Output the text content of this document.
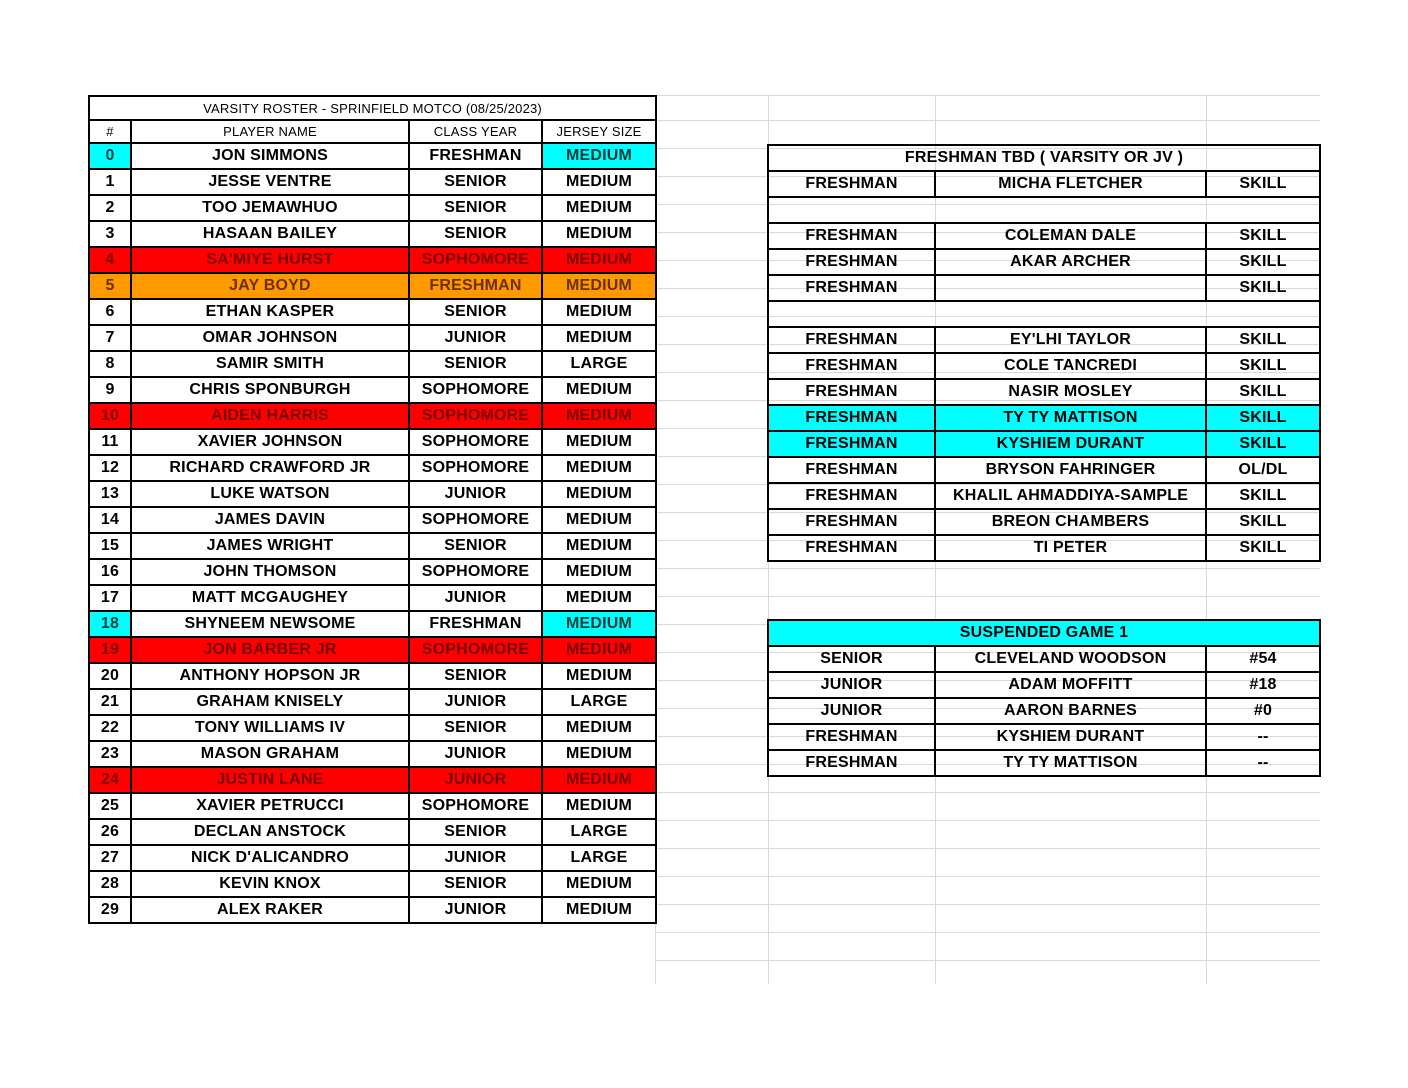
VARSITY ROSTER - SPRINFIELD MOTCO (08/25/2023)			
#	PLAYER NAME	CLASS YEAR	JERSEY SIZE
0	JON SIMMONS	FRESHMAN	MEDIUM
1	JESSE VENTRE	SENIOR	MEDIUM
2	TOO JEMAWHUO	SENIOR	MEDIUM
3	HASAAN BAILEY	SENIOR	MEDIUM
4	SA'MIYE HURST	SOPHOMORE	MEDIUM
5	JAY BOYD	FRESHMAN	MEDIUM
6	ETHAN KASPER	SENIOR	MEDIUM
7	OMAR JOHNSON	JUNIOR	MEDIUM
8	SAMIR SMITH	SENIOR	LARGE
9	CHRIS SPONBURGH	SOPHOMORE	MEDIUM
10	AIDEN HARRIS	SOPHOMORE	MEDIUM
11	XAVIER JOHNSON	SOPHOMORE	MEDIUM
12	RICHARD CRAWFORD JR	SOPHOMORE	MEDIUM
13	LUKE WATSON	JUNIOR	MEDIUM
14	JAMES DAVIN	SOPHOMORE	MEDIUM
15	JAMES WRIGHT	SENIOR	MEDIUM
16	JOHN THOMSON	SOPHOMORE	MEDIUM
17	MATT MCGAUGHEY	JUNIOR	MEDIUM
18	SHYNEEM NEWSOME	FRESHMAN	MEDIUM
19	JON BARBER JR	SOPHOMORE	MEDIUM
20	ANTHONY HOPSON JR	SENIOR	MEDIUM
21	GRAHAM KNISELY	JUNIOR	LARGE
22	TONY WILLIAMS IV	SENIOR	MEDIUM
23	MASON GRAHAM	JUNIOR	MEDIUM
24	JUSTIN LANE	JUNIOR	MEDIUM
25	XAVIER PETRUCCI	SOPHOMORE	MEDIUM
26	DECLAN ANSTOCK	SENIOR	LARGE
27	NICK D'ALICANDRO	JUNIOR	LARGE
28	KEVIN KNOX	SENIOR	MEDIUM
29	ALEX RAKER	JUNIOR	MEDIUM
FRESHMAN TBD ( VARSITY OR JV )		
FRESHMAN	MICHA FLETCHER	SKILL

FRESHMAN	COLEMAN DALE	SKILL
FRESHMAN	AKAR ARCHER	SKILL
FRESHMAN		SKILL

FRESHMAN	EY'LHI TAYLOR	SKILL
FRESHMAN	COLE TANCREDI	SKILL
FRESHMAN	NASIR MOSLEY	SKILL
FRESHMAN	TY TY MATTISON	SKILL
FRESHMAN	KYSHIEM DURANT	SKILL
FRESHMAN	BRYSON FAHRINGER	OL/DL
FRESHMAN	KHALIL AHMADDIYA-SAMPLE	SKILL
FRESHMAN	BREON CHAMBERS	SKILL
FRESHMAN	TI PETER	SKILL
SUSPENDED GAME 1		
SENIOR	CLEVELAND WOODSON	#54
JUNIOR	ADAM MOFFITT	#18
JUNIOR	AARON BARNES	#0
FRESHMAN	KYSHIEM DURANT	--
FRESHMAN	TY TY MATTISON	--
